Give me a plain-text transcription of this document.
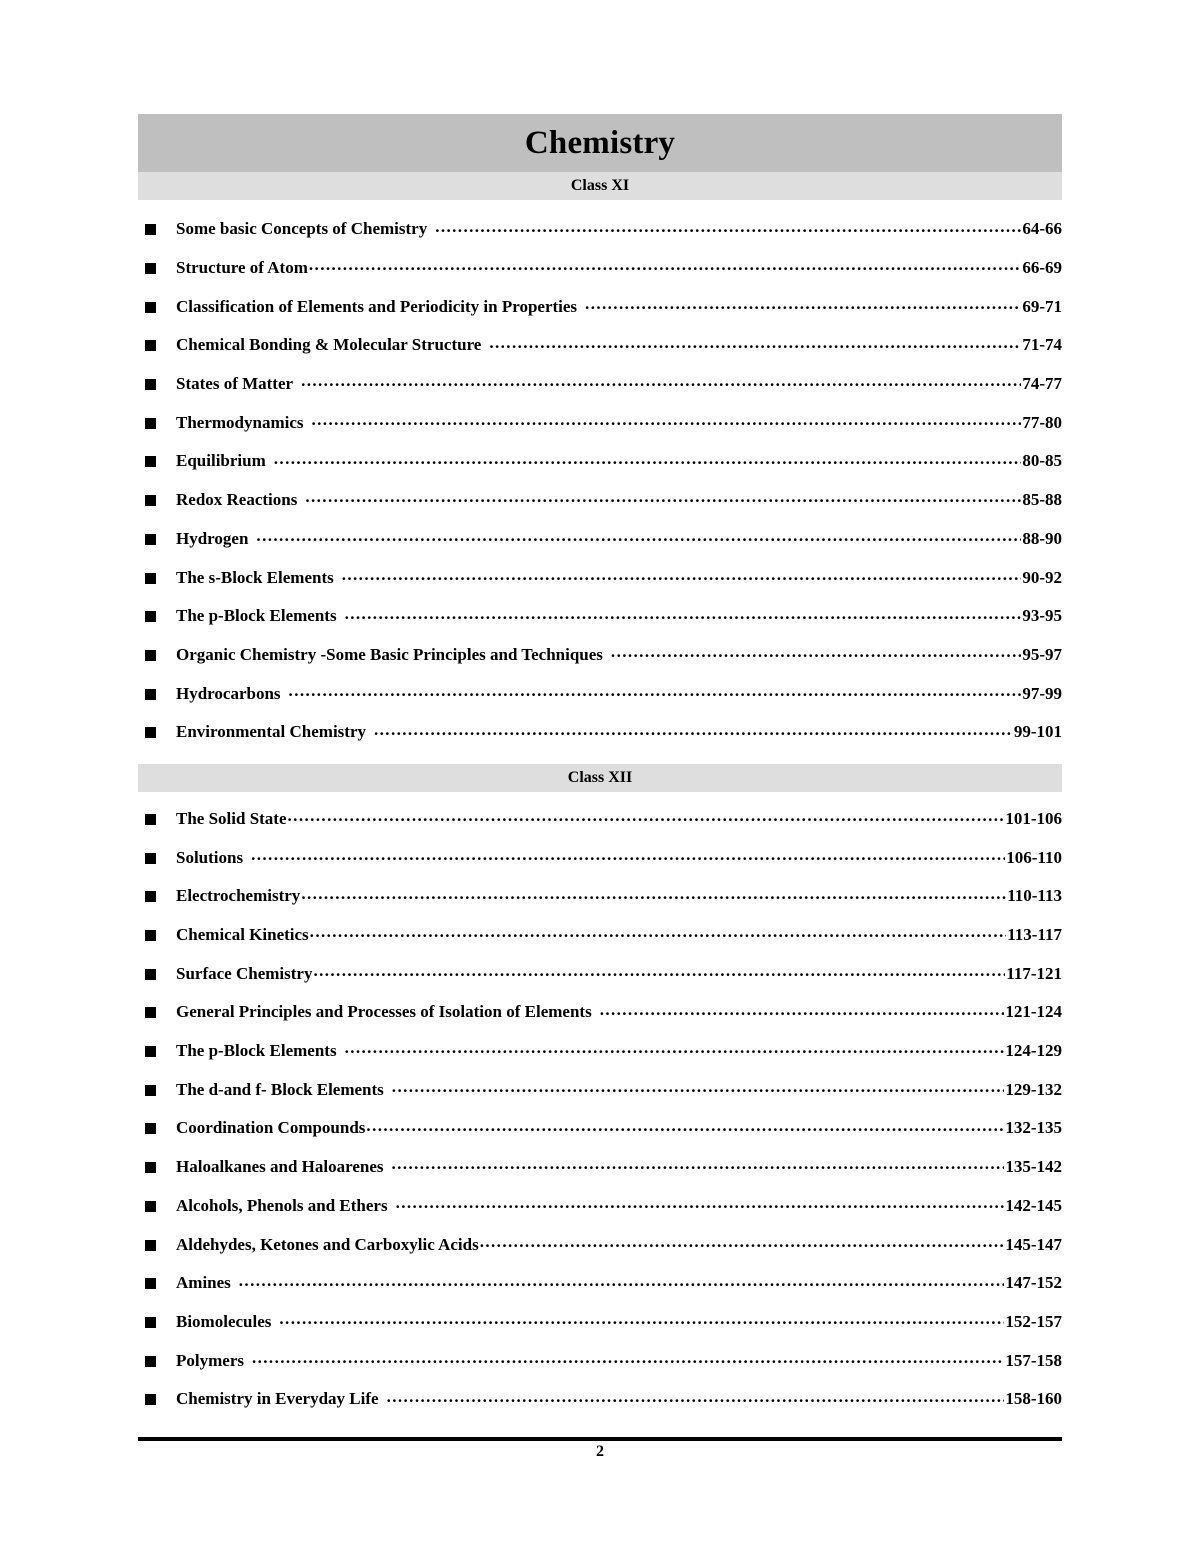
Chemistry
Class XI
Some basic Concepts of Chemistry .....	64-66
Structure of Atom .....	66-69
Classification of Elements and Periodicity in Properties .....	69-71
Chemical Bonding & Molecular Structure .....	71-74
States of Matter .....	74-77
Thermodynamics .....	77-80
Equilibrium .....	80-85
Redox Reactions .....	85-88
Hydrogen .....	88-90
The s-Block Elements .....	90-92
The p-Block Elements .....	93-95
Organic Chemistry -Some Basic Principles and Techniques .....	95-97
Hydrocarbons .....	97-99
Environmental Chemistry .....	99-101
Class XII
The Solid State .....	101-106
Solutions .....	106-110
Electrochemistry .....	110-113
Chemical Kinetics .....	113-117
Surface Chemistry .....	117-121
General Principles and Processes of Isolation of Elements .....	121-124
The p-Block Elements .....	124-129
The d-and f- Block Elements .....	129-132
Coordination Compounds .....	132-135
Haloalkanes and Haloarenes .....	135-142
Alcohols, Phenols and Ethers .....	142-145
Aldehydes, Ketones and Carboxylic Acids .....	145-147
Amines .....	147-152
Biomolecules .....	152-157
Polymers .....	157-158
Chemistry in Everyday Life .....	158-160
2
